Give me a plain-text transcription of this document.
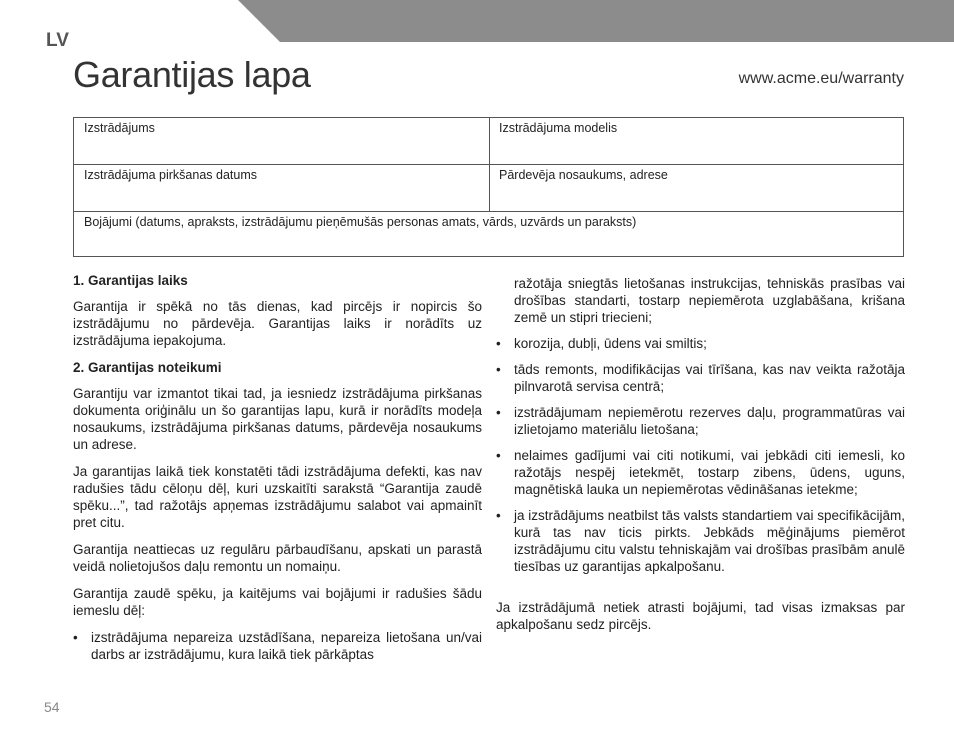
LV
Garantijas lapa	www.acme.eu/warranty
Izstrādājums	Izstrādājuma modelis
Izstrādājuma pirkšanas datums	Pārdevēja nosaukums, adrese
Bojājumi (datums, apraksts, izstrādājumu pieņēmušās personas amats, vārds, uzvārds un paraksts)
1. Garantijas laiks

Garantija ir spēkā no tās dienas, kad pircējs ir nopircis šo izstrādājumu no pārdevēja. Garantijas laiks ir norādīts uz izstrādājuma iepakojuma.

2. Garantijas noteikumi

Garantiju var izmantot tikai tad, ja iesniedz izstrādājuma pirkšanas dokumenta oriģinālu un šo garantijas lapu, kurā ir norādīts modeļa nosaukums, izstrādājuma pirkšanas datums, pārdevēja nosaukums un adrese.

Ja garantijas laikā tiek konstatēti tādi izstrādājuma defekti, kas nav radušies tādu cēloņu dēļ, kuri uzskaitīti sarakstā “Garantija zaudē spēku...”, tad ražotājs apņemas izstrādājumu salabot vai apmainīt pret citu.

Garantija neattiecas uz regulāru pārbaudīšanu, apskati un parastā veidā nolietojušos daļu remontu un nomaiņu.

Garantija zaudē spēku, ja kaitējums vai bojājumi ir radušies šādu iemeslu dēļ:

• izstrādājuma nepareiza uzstādīšana, nepareiza lietošana un/vai darbs ar izstrādājumu, kura laikā tiek pārkāptas
ražotāja sniegtās lietošanas instrukcijas, tehniskās prasības vai drošības standarti, tostarp nepiemērota uzglabāšana, krišana zemē un stipri triecieni;
• korozija, dubļi, ūdens vai smiltis;
• tāds remonts, modifikācijas vai tīrīšana, kas nav veikta ražotāja pilnvarotā servisa centrā;
• izstrādājumam nepiemērotu rezerves daļu, programmatūras vai izlietojamo materiālu lietošana;
• nelaimes gadījumi vai citi notikumi, vai jebkādi citi iemesli, ko ražotājs nespēj ietekmēt, tostarp zibens, ūdens, uguns, magnētiskā lauka un nepiemērotas vēdināšanas ietekme;
• ja izstrādājums neatbilst tās valsts standartiem vai specifikācijām, kurā tas nav ticis pirkts. Jebkāds mēģinājums piemērot izstrādājumu citu valstu tehniskajām vai drošības prasībām anulē tiesības uz garantijas apkalpošanu.

Ja izstrādājumā netiek atrasti bojājumi, tad visas izmaksas par apkalpošanu sedz pircējs.

54
